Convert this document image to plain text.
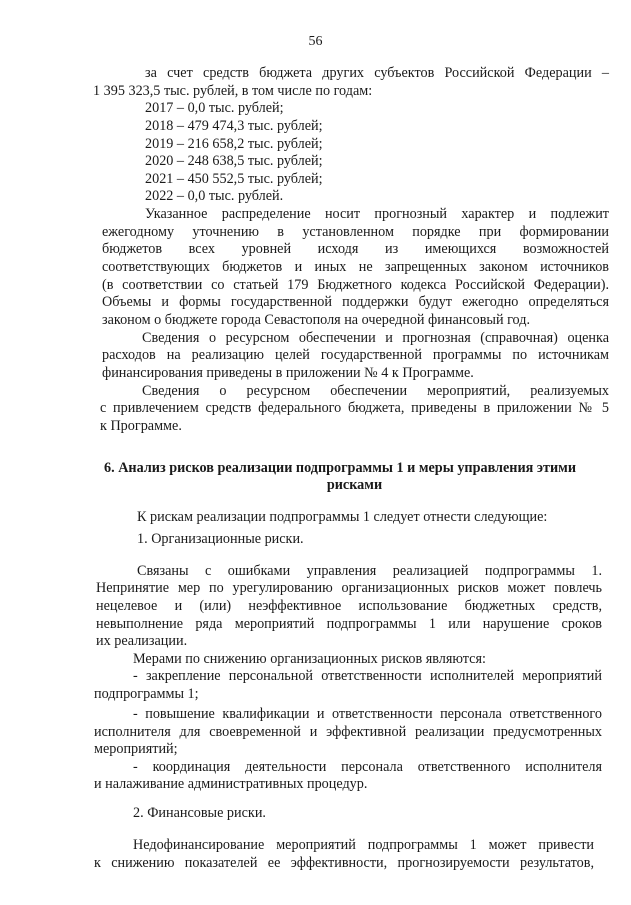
56
за счет средств бюджета других субъектов Российской Федерации –
1 395 323,5 тыс. рублей, в том числе по годам:
2017 – 0,0 тыс. рублей;
2018 – 479 474,3 тыс. рублей;
2019 – 216 658,2 тыс. рублей;
2020 – 248 638,5 тыс. рублей;
2021 – 450 552,5 тыс. рублей;
2022 – 0,0 тыс. рублей.
Указанное распределение носит прогнозный характер и подлежит
ежегодному уточнению в установленном порядке при формировании
бюджетов всех уровней исходя из имеющихся возможностей
соответствующих бюджетов и иных не запрещенных законом источников
(в соответствии со статьей 179 Бюджетного кодекса Российской Федерации).
Объемы и формы государственной поддержки будут ежегодно определяться
законом о бюджете города Севастополя на очередной финансовый год.
Сведения о ресурсном обеспечении и прогнозная (справочная) оценка
расходов на реализацию целей государственной программы по источникам
финансирования приведены в приложении № 4 к Программе.
Сведения о ресурсном обеспечении мероприятий, реализуемых
с привлечением средств федерального бюджета, приведены в приложении № 5
к Программе.
6. Анализ рисков реализации подпрограммы 1 и меры управления этими
рисками
К рискам реализации подпрограммы 1 следует отнести следующие:
1. Организационные риски.
Связаны с ошибками управления реализацией подпрограммы 1.
Непринятие мер по урегулированию организационных рисков может повлечь
нецелевое и (или) неэффективное использование бюджетных средств,
невыполнение ряда мероприятий подпрограммы 1 или нарушение сроков
их реализации.
Мерами по снижению организационных рисков являются:
- закрепление персональной ответственности исполнителей мероприятий
подпрограммы 1;
- повышение квалификации и ответственности персонала ответственного
исполнителя для своевременной и эффективной реализации предусмотренных
мероприятий;
- координация деятельности персонала ответственного исполнителя
и налаживание административных процедур.
2. Финансовые риски.
Недофинансирование мероприятий подпрограммы 1 может привести
к снижению показателей ее эффективности, прогнозируемости результатов,
